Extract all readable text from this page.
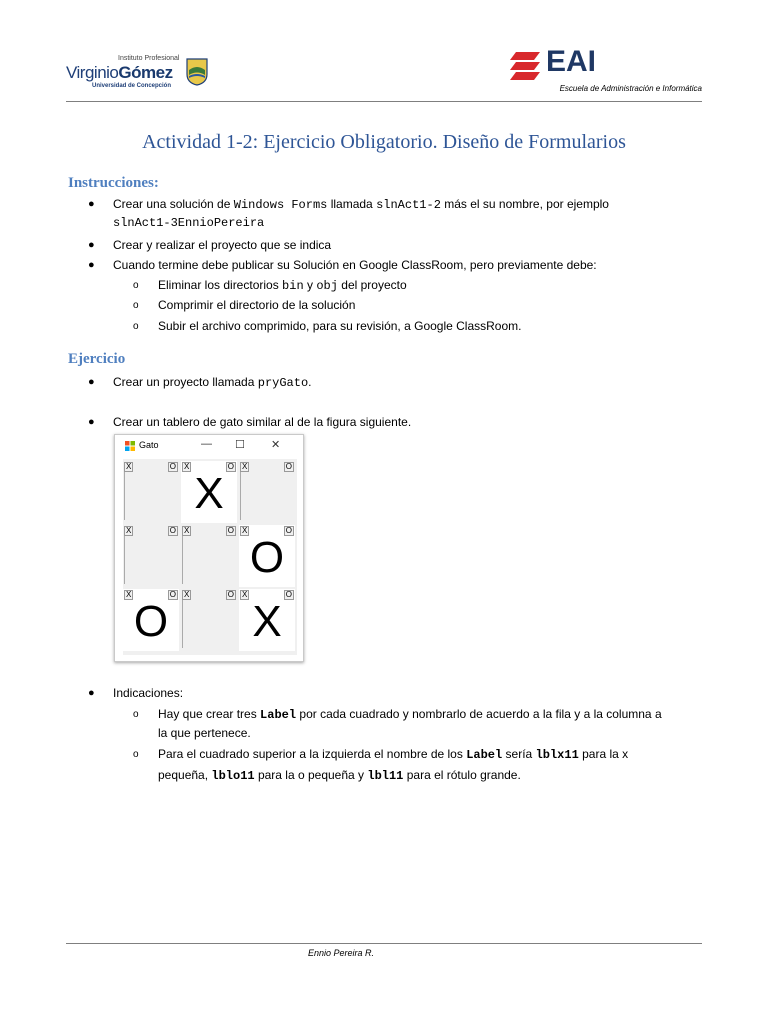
Instituto Profesional
VirginioGómez
Universidad de Concepción
EAI
Escuela de Administración e Informática
Actividad 1-2: Ejercicio Obligatorio. Diseño de Formularios
Instrucciones:
● Crear una solución de Windows Forms llamada slnAct1-2 más el su nombre, por ejemplo
slnAct1-3EnnioPereira
● Crear y realizar el proyecto que se indica
● Cuando termine debe publicar su Solución en Google ClassRoom, pero previamente debe:
o Eliminar los directorios bin y obj del proyecto
o Comprimir el directorio de la solución
o Subir el archivo comprimido, para su revisión, a Google ClassRoom.
Ejercicio
● Crear un proyecto llamada pryGato.
● Crear un tablero de gato similar al de la figura siguiente.
Gato	— ☐ ✕
X	O X	O
X
X	O
X	O X	O X	O
O
X	O
O
X	O X	O
X
● Indicaciones:
o Hay que crear tres Label por cada cuadrado y nombrarlo de acuerdo a la fila y a la columna a
la que pertenece.
o Para el cuadrado superior a la izquierda el nombre de los Label sería lblx11 para la x
pequeña, lblo11 para la o pequeña y lbl11 para el rótulo grande.
Ennio Pereira R.
